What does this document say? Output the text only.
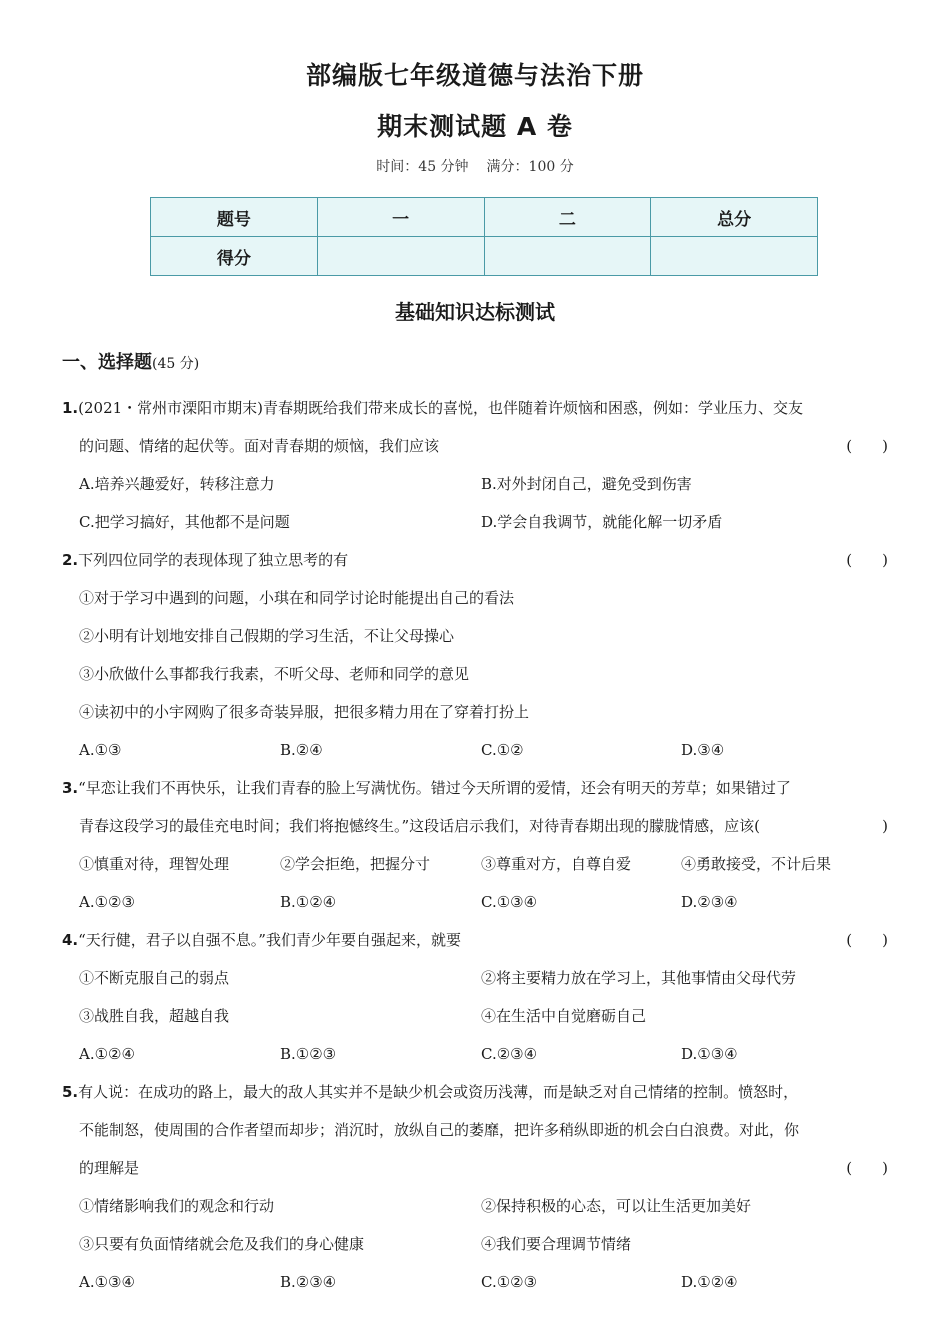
部编版七年级道德与法治下册
期末测试题 A 卷
时间：45 分钟 满分：100 分
题号	一	二	总分
得分			
基础知识达标测试
一、选择题(45 分)
1.(2021・常州市溧阳市期末)青春期既给我们带来成长的喜悦，也伴随着许烦恼和困惑，例如：学业压力、交友
的问题、情绪的起伏等。面对青春期的烦恼，我们应该	(　　)
A.培养兴趣爱好，转移注意力	B.对外封闭自己，避免受到伤害
C.把学习搞好，其他都不是问题	D.学会自我调节，就能化解一切矛盾
2.下列四位同学的表现体现了独立思考的有	(　　)
①对于学习中遇到的问题，小琪在和同学讨论时能提出自己的看法
②小明有计划地安排自己假期的学习生活，不让父母操心
③小欣做什么事都我行我素，不听父母、老师和同学的意见
④读初中的小宇网购了很多奇装异服，把很多精力用在了穿着打扮上
A.①③	B.②④	C.①②	D.③④
3.“早恋让我们不再快乐，让我们青春的脸上写满忧伤。错过今天所谓的爱情，还会有明天的芳草；如果错过了
青春这段学习的最佳充电时间；我们将抱憾终生。”这段话启示我们，对待青春期出现的朦胧情感，应该(	　　)
①慎重对待，理智处理	②学会拒绝，把握分寸	③尊重对方，自尊自爱	④勇敢接受，不计后果
A.①②③	B.①②④	C.①③④	D.②③④
4.“天行健，君子以自强不息。”我们青少年要自强起来，就要	(　　)
①不断克服自己的弱点	②将主要精力放在学习上，其他事情由父母代劳
③战胜自我，超越自我	④在生活中自觉磨砺自己
A.①②④	B.①②③	C.②③④	D.①③④
5.有人说：在成功的路上，最大的敌人其实并不是缺少机会或资历浅薄，而是缺乏对自己情绪的控制。愤怒时，
不能制怒，使周围的合作者望而却步；消沉时，放纵自己的萎靡，把许多稍纵即逝的机会白白浪费。对此，你
的理解是	(　　)
①情绪影响我们的观念和行动	②保持积极的心态，可以让生活更加美好
③只要有负面情绪就会危及我们的身心健康	④我们要合理调节情绪
A.①③④	B.②③④	C.①②③	D.①②④
